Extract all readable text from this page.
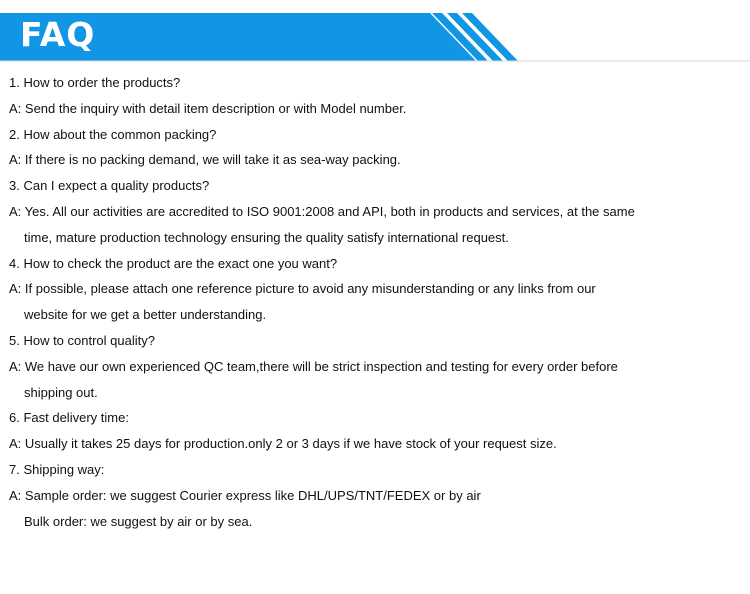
FAQ
1. How to order the products?
A: Send the inquiry with detail item description or with Model number.
2. How about the common packing?
A: If there is no packing demand, we will take it as sea-way packing.
3. Can I expect a quality products?
A: Yes. All our activities are accredited to ISO 9001:2008 and API, both in products and services, at the same
time, mature production technology ensuring the quality satisfy international request.
4. How to check the product are the exact one you want?
A: If possible, please attach one reference picture to avoid any misunderstanding or any links from our
website for we get a better understanding.
5. How to control quality?
A: We have our own experienced QC team,there will be strict inspection and testing for every order before
shipping out.
6. Fast delivery time:
A: Usually it takes 25 days for production.only 2 or 3 days if we have stock of your request size.
7. Shipping way:
A: Sample order: we suggest Courier express like DHL/UPS/TNT/FEDEX or by air
Bulk order: we suggest by air or by sea.
